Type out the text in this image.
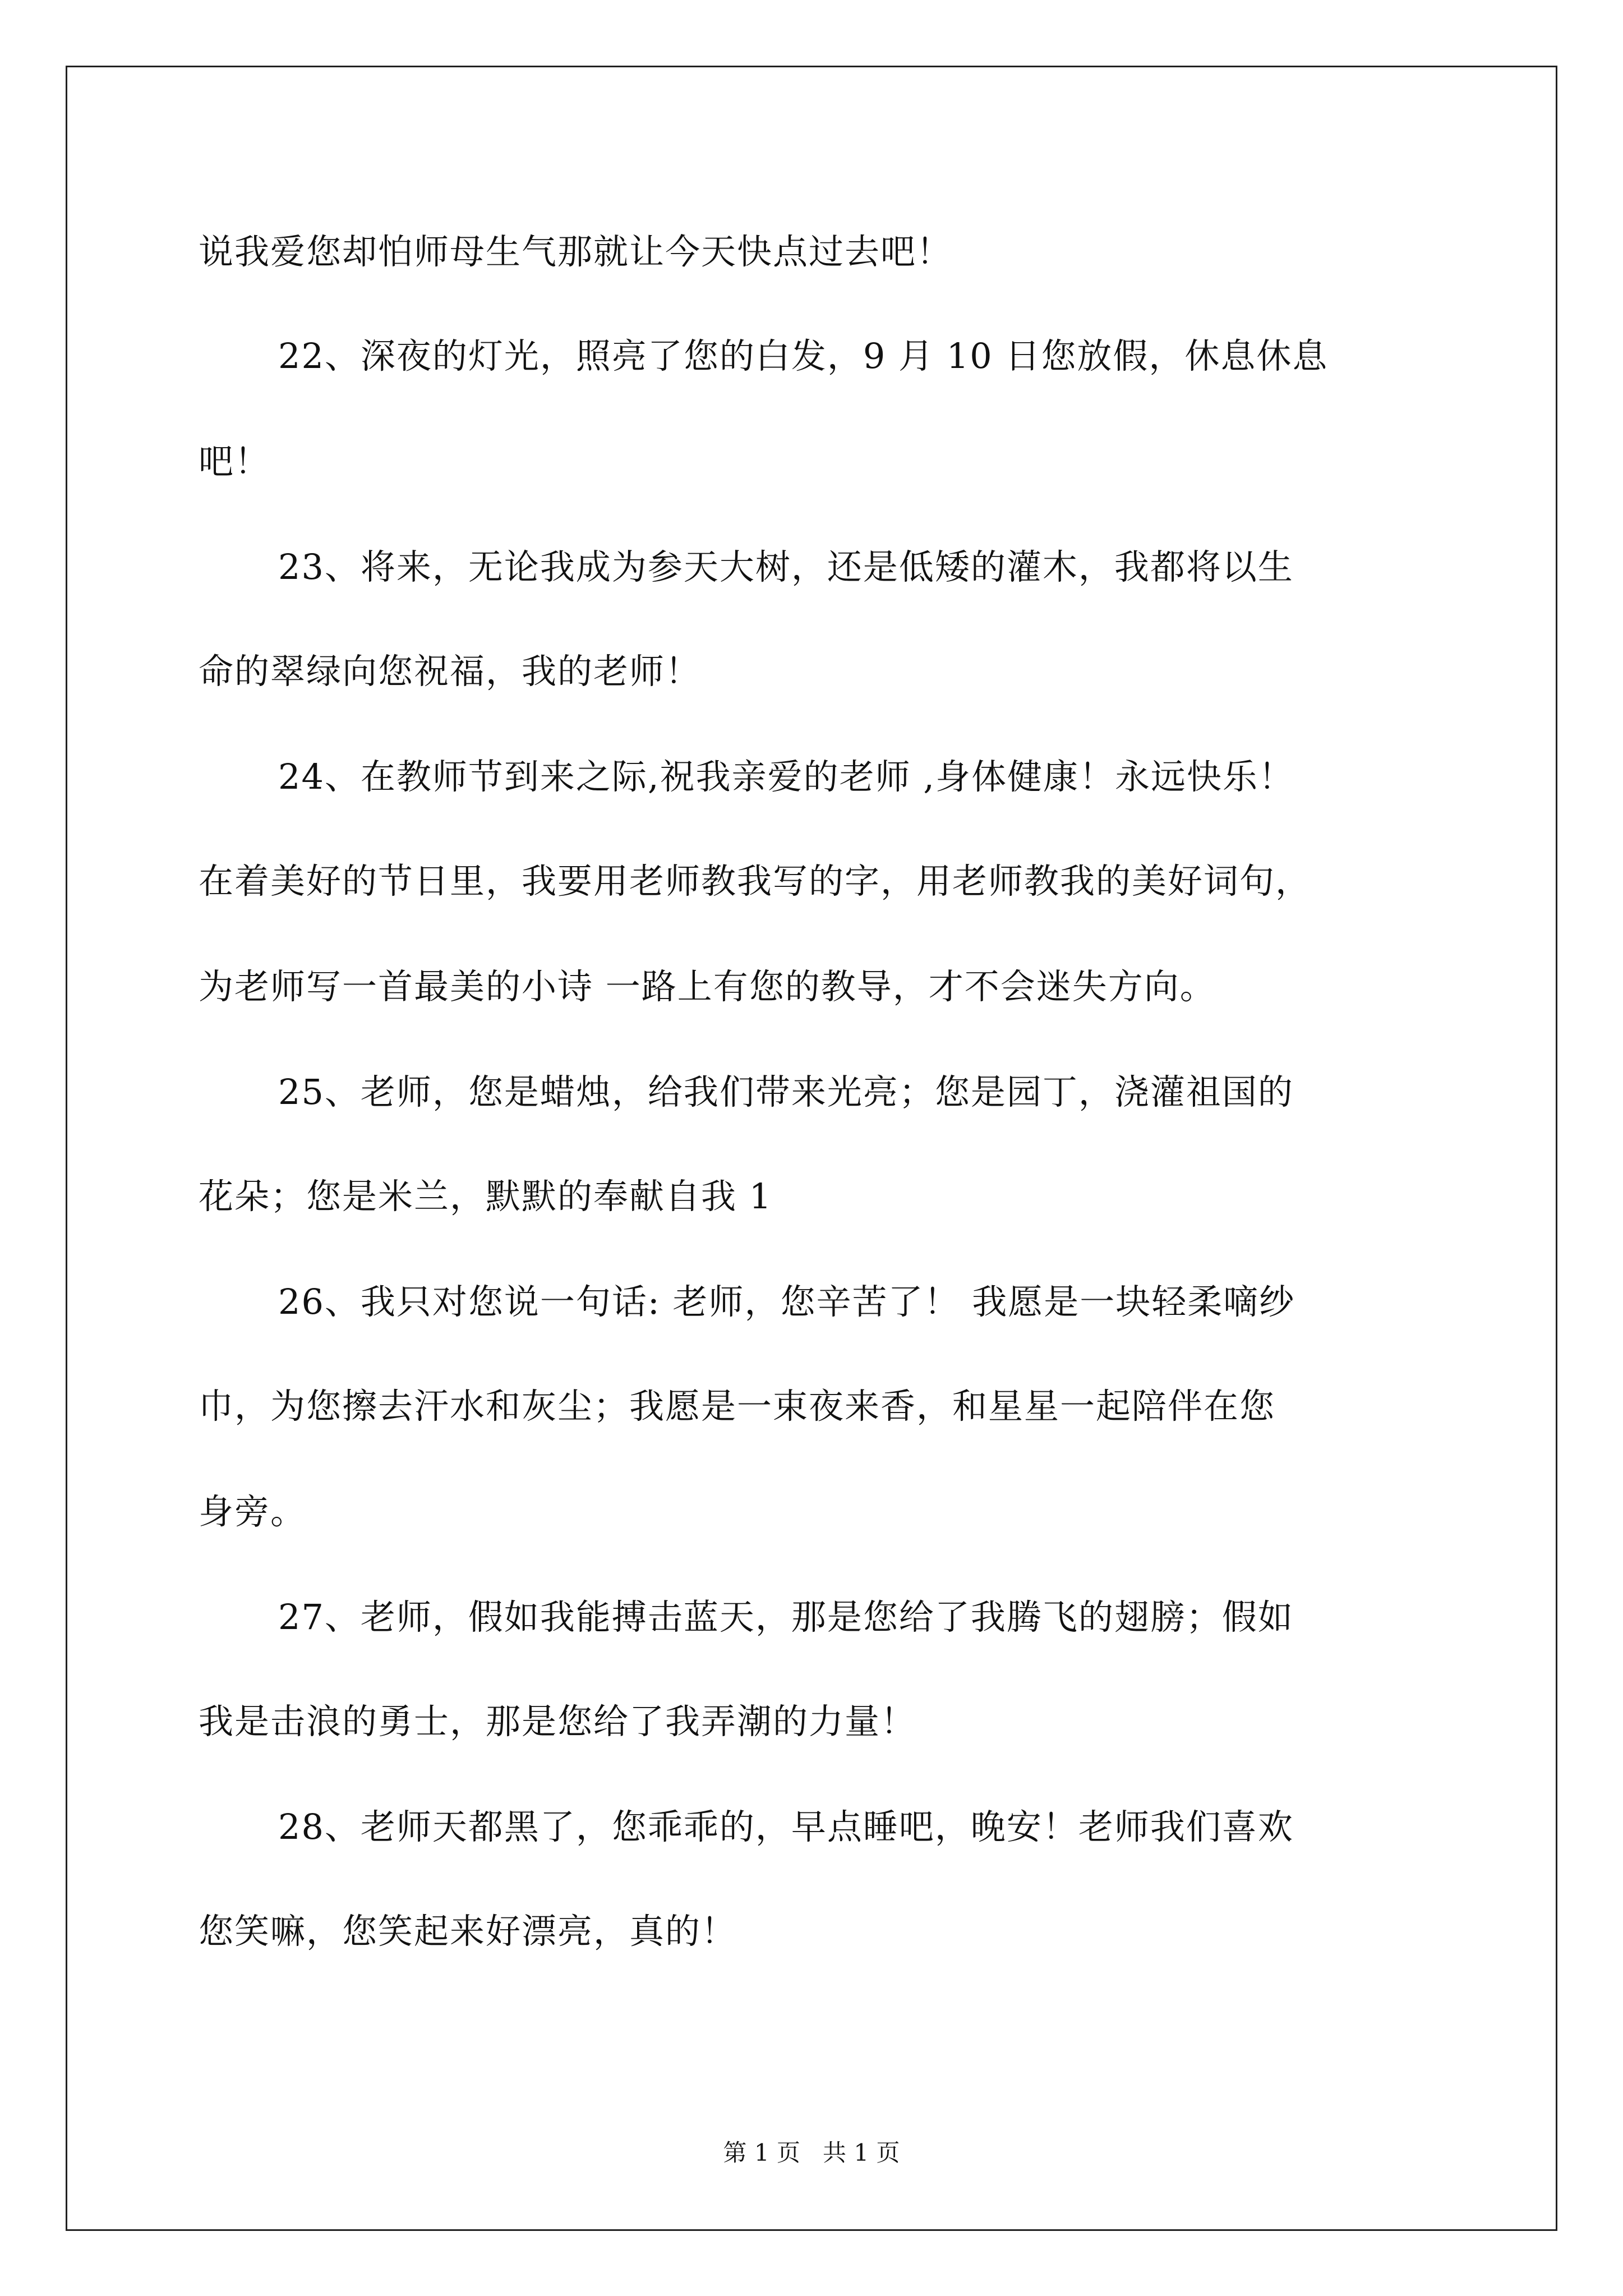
说我爱您却怕师母生气那就让今天快点过去吧！
22、深夜的灯光，照亮了您的白发，9 月 10 日您放假，休息休息
吧！
23、将来，无论我成为参天大树，还是低矮的灌木，我都将以生
命的翠绿向您祝福，我的老师！
24、在教师节到来之际,祝我亲爱的老师 ,身体健康！永远快乐！
在着美好的节日里，我要用老师教我写的字，用老师教我的美好词句，
为老师写一首最美的小诗 一路上有您的教导，才不会迷失方向。
25、老师，您是蜡烛，给我们带来光亮；您是园丁，浇灌祖国的
花朵；您是米兰，默默的奉献自我 1
26、我只对您说一句话: 老师，您辛苦了！ 我愿是一块轻柔嘀纱
巾，为您擦去汗水和灰尘；我愿是一束夜来香，和星星一起陪伴在您
身旁。
27、老师，假如我能搏击蓝天，那是您给了我腾飞的翅膀；假如
我是击浪的勇士，那是您给了我弄潮的力量！
28、老师天都黑了，您乖乖的，早点睡吧，晚安！老师我们喜欢
您笑嘛，您笑起来好漂亮，真的！
第 1 页   共 1 页
